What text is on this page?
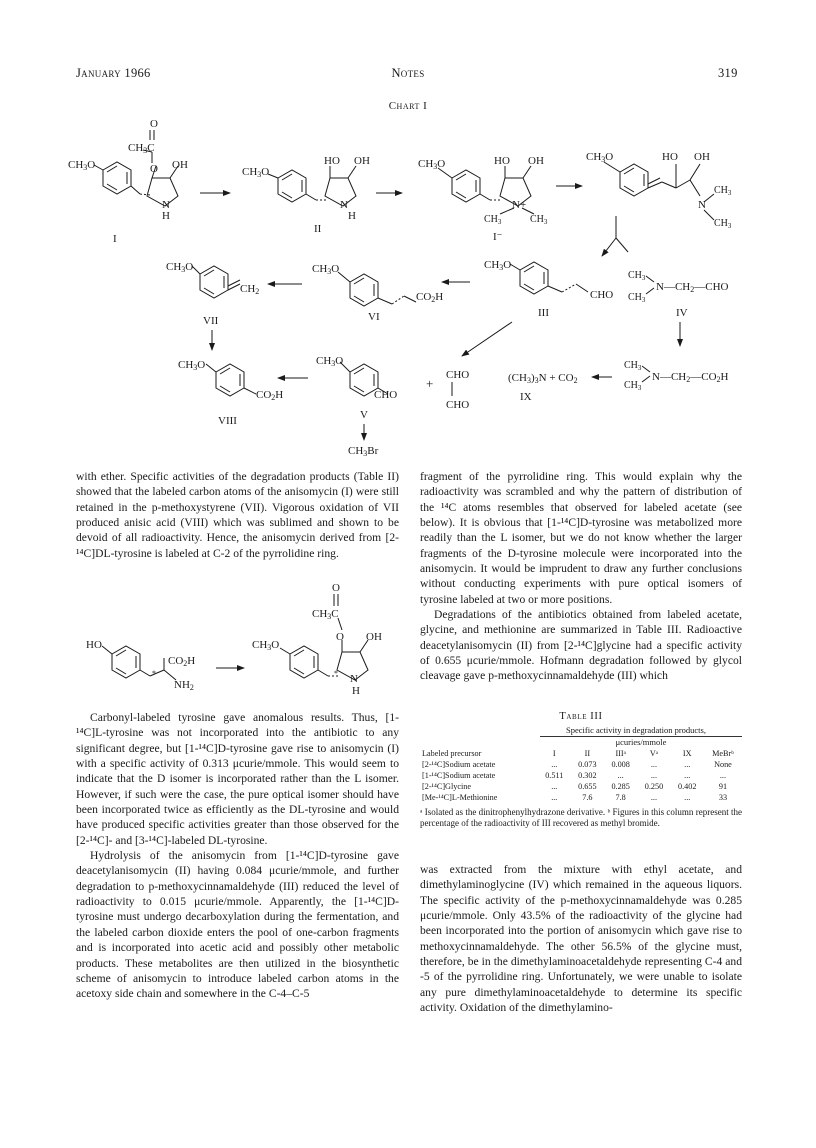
January 1966	Notes	319
Chart I
O
CH3C
O OH
CH3O
N
H
I
CH3O
HO OH
N
H
II
CH3O	HO OH
N+
$CH_3$	$CH_3$
I⁻
CH3O	HO OH
N
$CH_3$
$CH_3$
CH3O
CHO
III
$CH_3$
$CH_3$
N—CH2—CHO
IV
CH3O
CO2H
VI
CH3O
CH2
VII
CH3O
CO2H
VIII
CH3O
CHO
V
CH3Br
+
CHO
CHO
(CH3)3N + CO2
IX
$CH_3$
$CH_3$
N—CH2—CO2H
HO
CO2H
*
NH2
O
CH3C
O OH
CH3O
* N
H

with ether. Specific activities of the degradation products (Table II) showed that the labeled carbon atoms of the anisomycin (I) were still retained in the p-methoxystyrene (VII). Vigorous oxidation of VII produced anisic acid (VIII) which was sublimed and shown to be devoid of all radioactivity. Hence, the anisomycin derived from [2-¹⁴C]DL-tyrosine is labeled at C-2 of the pyrrolidine ring.

Carbonyl-labeled tyrosine gave anomalous results. Thus, [1-¹⁴C]L-tyrosine was not incorporated into the antibiotic to any significant degree, but [1-¹⁴C]D-tyrosine gave rise to anisomycin (I) with a specific activity of 0.313 μcurie/mmole. This would seem to indicate that the D isomer is incorporated rather than the L isomer. However, if such were the case, the pure optical isomer should have been incorporated twice as efficiently as the DL-tyrosine and would have produced specific activities greater than those observed for the [2-¹⁴C]- and [3-¹⁴C]-labeled DL-tyrosine.

Hydrolysis of the anisomycin from [1-¹⁴C]D-tyrosine gave deacetylanisomycin (II) having 0.084 μcurie/mmole, and further degradation to p-methoxycinnamaldehyde (III) reduced the level of radioactivity to 0.015 μcurie/mmole. Apparently, the [1-¹⁴C]D-tyrosine must undergo decarboxylation during the fermentation, and the labeled carbon dioxide enters the pool of one-carbon fragments and is incorporated into acetic acid and possibly other metabolic products. These metabolites are then utilized in the biosynthetic scheme of anisomycin to introduce labeled carbon atoms in the acetoxy side chain and somewhere in the C-4–C-5

fragment of the pyrrolidine ring. This would explain why the radioactivity was scrambled and why the pattern of distribution of the ¹⁴C atoms resembles that observed for labeled acetate (see below). It is obvious that [1-¹⁴C]D-tyrosine was metabolized more readily than the L isomer, but we do not know whether the larger fragments of the D-tyrosine molecule were incorporated into the anisomycin. It would be imprudent to draw any further conclusions without conducting experiments with pure optical isomers of tyrosine labeled at two or more positions.

Degradations of the antibiotics obtained from labeled acetate, glycine, and methionine are summarized in Table III. Radioactive deacetylanisomycin (II) from [2-¹⁴C]glycine had a specific activity of 0.655 μcurie/mmole. Hofmann degradation followed by glycol cleavage gave p-methoxycinnamaldehyde (III) which

Table III
Specific activity in degradation products,
μcuries/mmole
Labeled precursor	I	II	IIIᵃ	Vᵃ	IX	MeBrᵇ
[2-¹⁴C]Sodium acetate	...	0.073	0.008	...	...	None
[1-¹⁴C]Sodium acetate	0.511	0.302	...	...	...	...
[2-¹⁴C]Glycine	...	0.655	0.285	0.250	0.402	91
[Me-¹⁴C]L-Methionine	...	7.6	7.8	...	...	33
ᵃ Isolated as the dinitrophenylhydrazone derivative. ᵇ Figures in this column represent the percentage of the radioactivity of III recovered as methyl bromide.

was extracted from the mixture with ethyl acetate, and dimethylaminoglycine (IV) which remained in the aqueous liquors. The specific activity of the p-methoxycinnamaldehyde was 0.285 μcurie/mmole. Only 43.5% of the radioactivity of the glycine had been incorporated into the portion of anisomycin which gave rise to methoxycinnamaldehyde. The other 56.5% of the glycine must, therefore, be in the dimethylaminoacetaldehyde representing C-4 and -5 of the pyrrolidine ring. Unfortunately, we were unable to isolate any pure dimethylaminoacetaldehyde to determine its specific activity. Oxidation of the dimethylamino-
